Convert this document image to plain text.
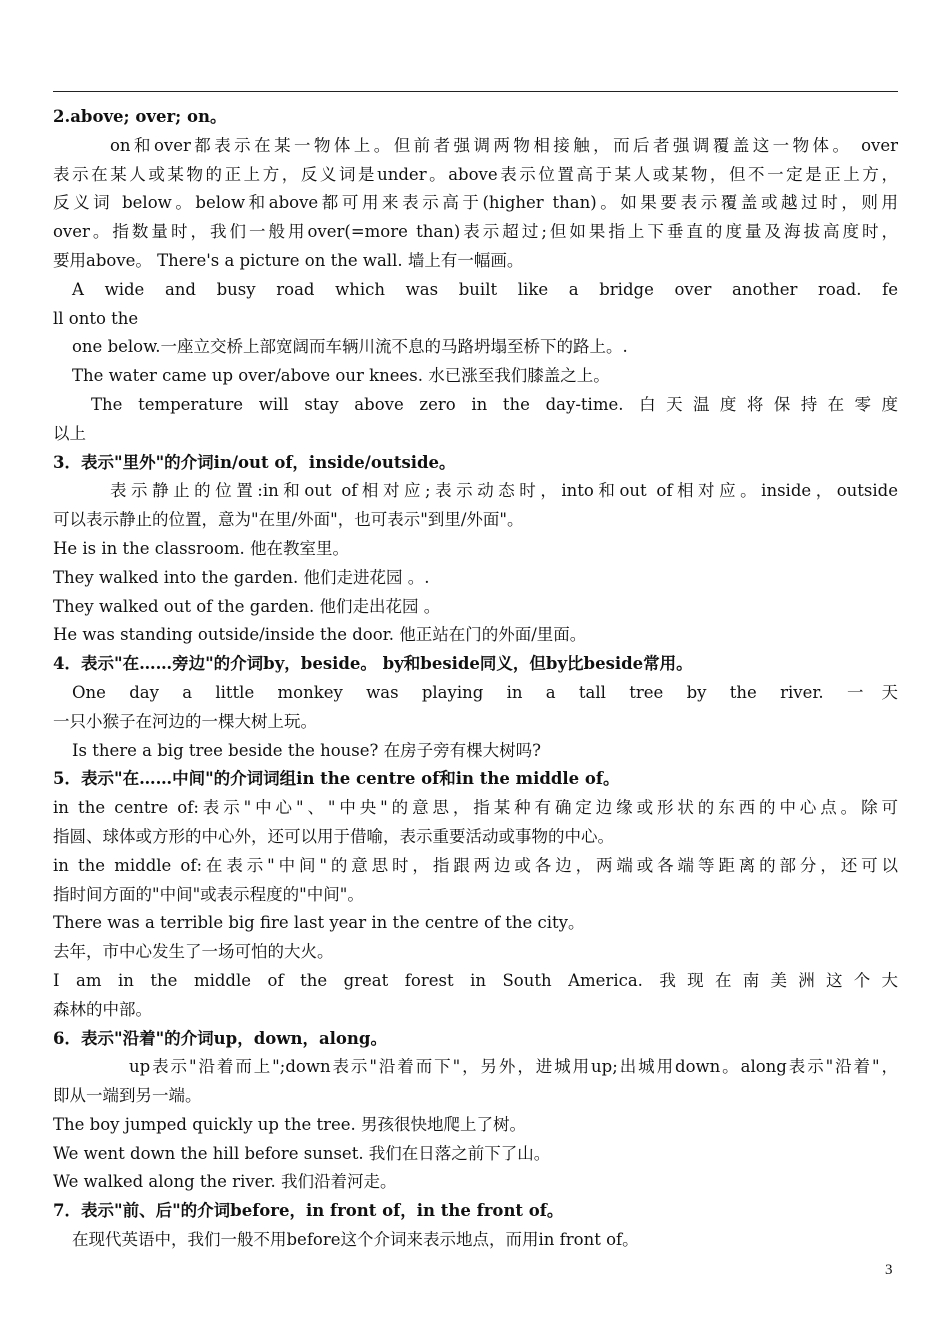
2.above; over; on。
on和over都表示在某一物体上。但前者强调两物相接触，而后者强调覆盖这一物体。 over
表示在某人或某物的正上方，反义词是under。above表示位置高于某人或某物，但不一定是正上方，
反义词 below。below和above都可用来表示高于(higher than)。如果要表示覆盖或越过时，则用
over。指数量时，我们一般用over(=more than)表示超过;但如果指上下垂直的度量及海拔高度时，
要用above。 There's a picture on the wall. 墙上有一幅画。
A wide and busy road which was built like a bridge over another road. fe
ll onto the
one below.一座立交桥上部宽阔而车辆川流不息的马路坍塌至桥下的路上。.
The water came up over/above our knees. 水已涨至我们膝盖之上。
The temperature will stay above zero in the day-time. 白天温度将保持在零度
以上
3．表示"里外"的介词in/out of，inside/outside。
表示静止的位置:in和out of相对应;表示动态时，into和out of相对应。inside，outside
可以表示静止的位置，意为"在里/外面"，也可表示"到里/外面"。
He is in the classroom. 他在教室里。
They walked into the garden. 他们走进花园 。.
They walked out of the garden. 他们走出花园 。
He was standing outside/inside the door. 他正站在门的外面/里面。
4．表示"在……旁边"的介词by，beside。 by和beside同义，但by比beside常用。
One day a little monkey was playing in a tall tree by the river. 一天
一只小猴子在河边的一棵大树上玩。
Is there a big tree beside the house? 在房子旁有棵大树吗?
5．表示"在……中间"的介词词组in the centre of和in the middle of。
in the centre of:表示"中心"、"中央"的意思，指某种有确定边缘或形状的东西的中心点。除可
指圆、球体或方形的中心外，还可以用于借喻，表示重要活动或事物的中心。
in the middle of:在表示"中间"的意思时，指跟两边或各边，两端或各端等距离的部分，还可以
指时间方面的"中间"或表示程度的"中间"。
There was a terrible big fire last year in the centre of the city。
去年，市中心发生了一场可怕的大火。
I am in the middle of the great forest in South America. 我现在南美洲这个大
森林的中部。
6．表示"沿着"的介词up，down，along。
up表示"沿着而上";down表示"沿着而下"，另外，进城用up;出城用down。along表示"沿着"，
即从一端到另一端。
The boy jumped quickly up the tree. 男孩很快地爬上了树。
We went down the hill before sunset. 我们在日落之前下了山。
We walked along the river. 我们沿着河走。
7．表示"前、后"的介词before，in front of，in the front of。
在现代英语中，我们一般不用before这个介词来表示地点，而用in front of。
3
